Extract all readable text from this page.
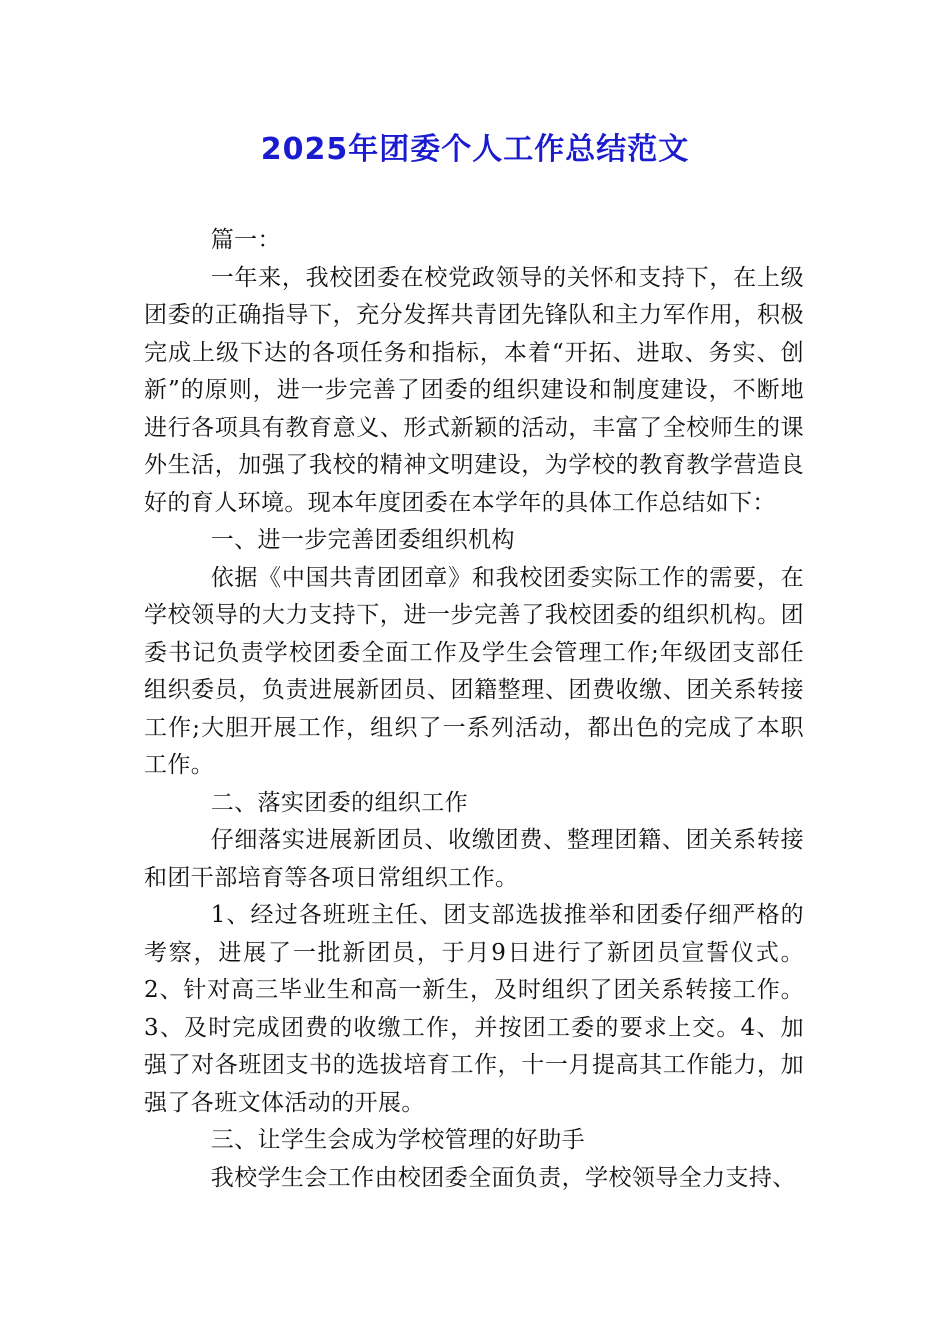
2025年团委个人工作总结范文

篇一：

一年来，我校团委在校党政领导的关怀和支持下，在上级团委的正确指导下，充分发挥共青团先锋队和主力军作用，积极完成上级下达的各项任务和指标，本着“开拓、进取、务实、创新”的原则，进一步完善了团委的组织建设和制度建设，不断地进行各项具有教育意义、形式新颖的活动，丰富了全校师生的课外生活，加强了我校的精神文明建设，为学校的教育教学营造良好的育人环境。现本年度团委在本学年的具体工作总结如下：

一、进一步完善团委组织机构

依据《中国共青团团章》和我校团委实际工作的需要，在学校领导的大力支持下，进一步完善了我校团委的组织机构。团委书记负责学校团委全面工作及学生会管理工作;年级团支部任组织委员，负责进展新团员、团籍整理、团费收缴、团关系转接工作;大胆开展工作，组织了一系列活动，都出色的完成了本职工作。

二、落实团委的组织工作

仔细落实进展新团员、收缴团费、整理团籍、团关系转接和团干部培育等各项日常组织工作。

1、经过各班班主任、团支部选拔推举和团委仔细严格的考察，进展了一批新团员，于月9日进行了新团员宣誓仪式。2、针对高三毕业生和高一新生，及时组织了团关系转接工作。3、及时完成团费的收缴工作，并按团工委的要求上交。4、加强了对各班团支书的选拔培育工作，十一月提高其工作能力，加强了各班文体活动的开展。

三、让学生会成为学校管理的好助手

我校学生会工作由校团委全面负责，学校领导全力支持、
